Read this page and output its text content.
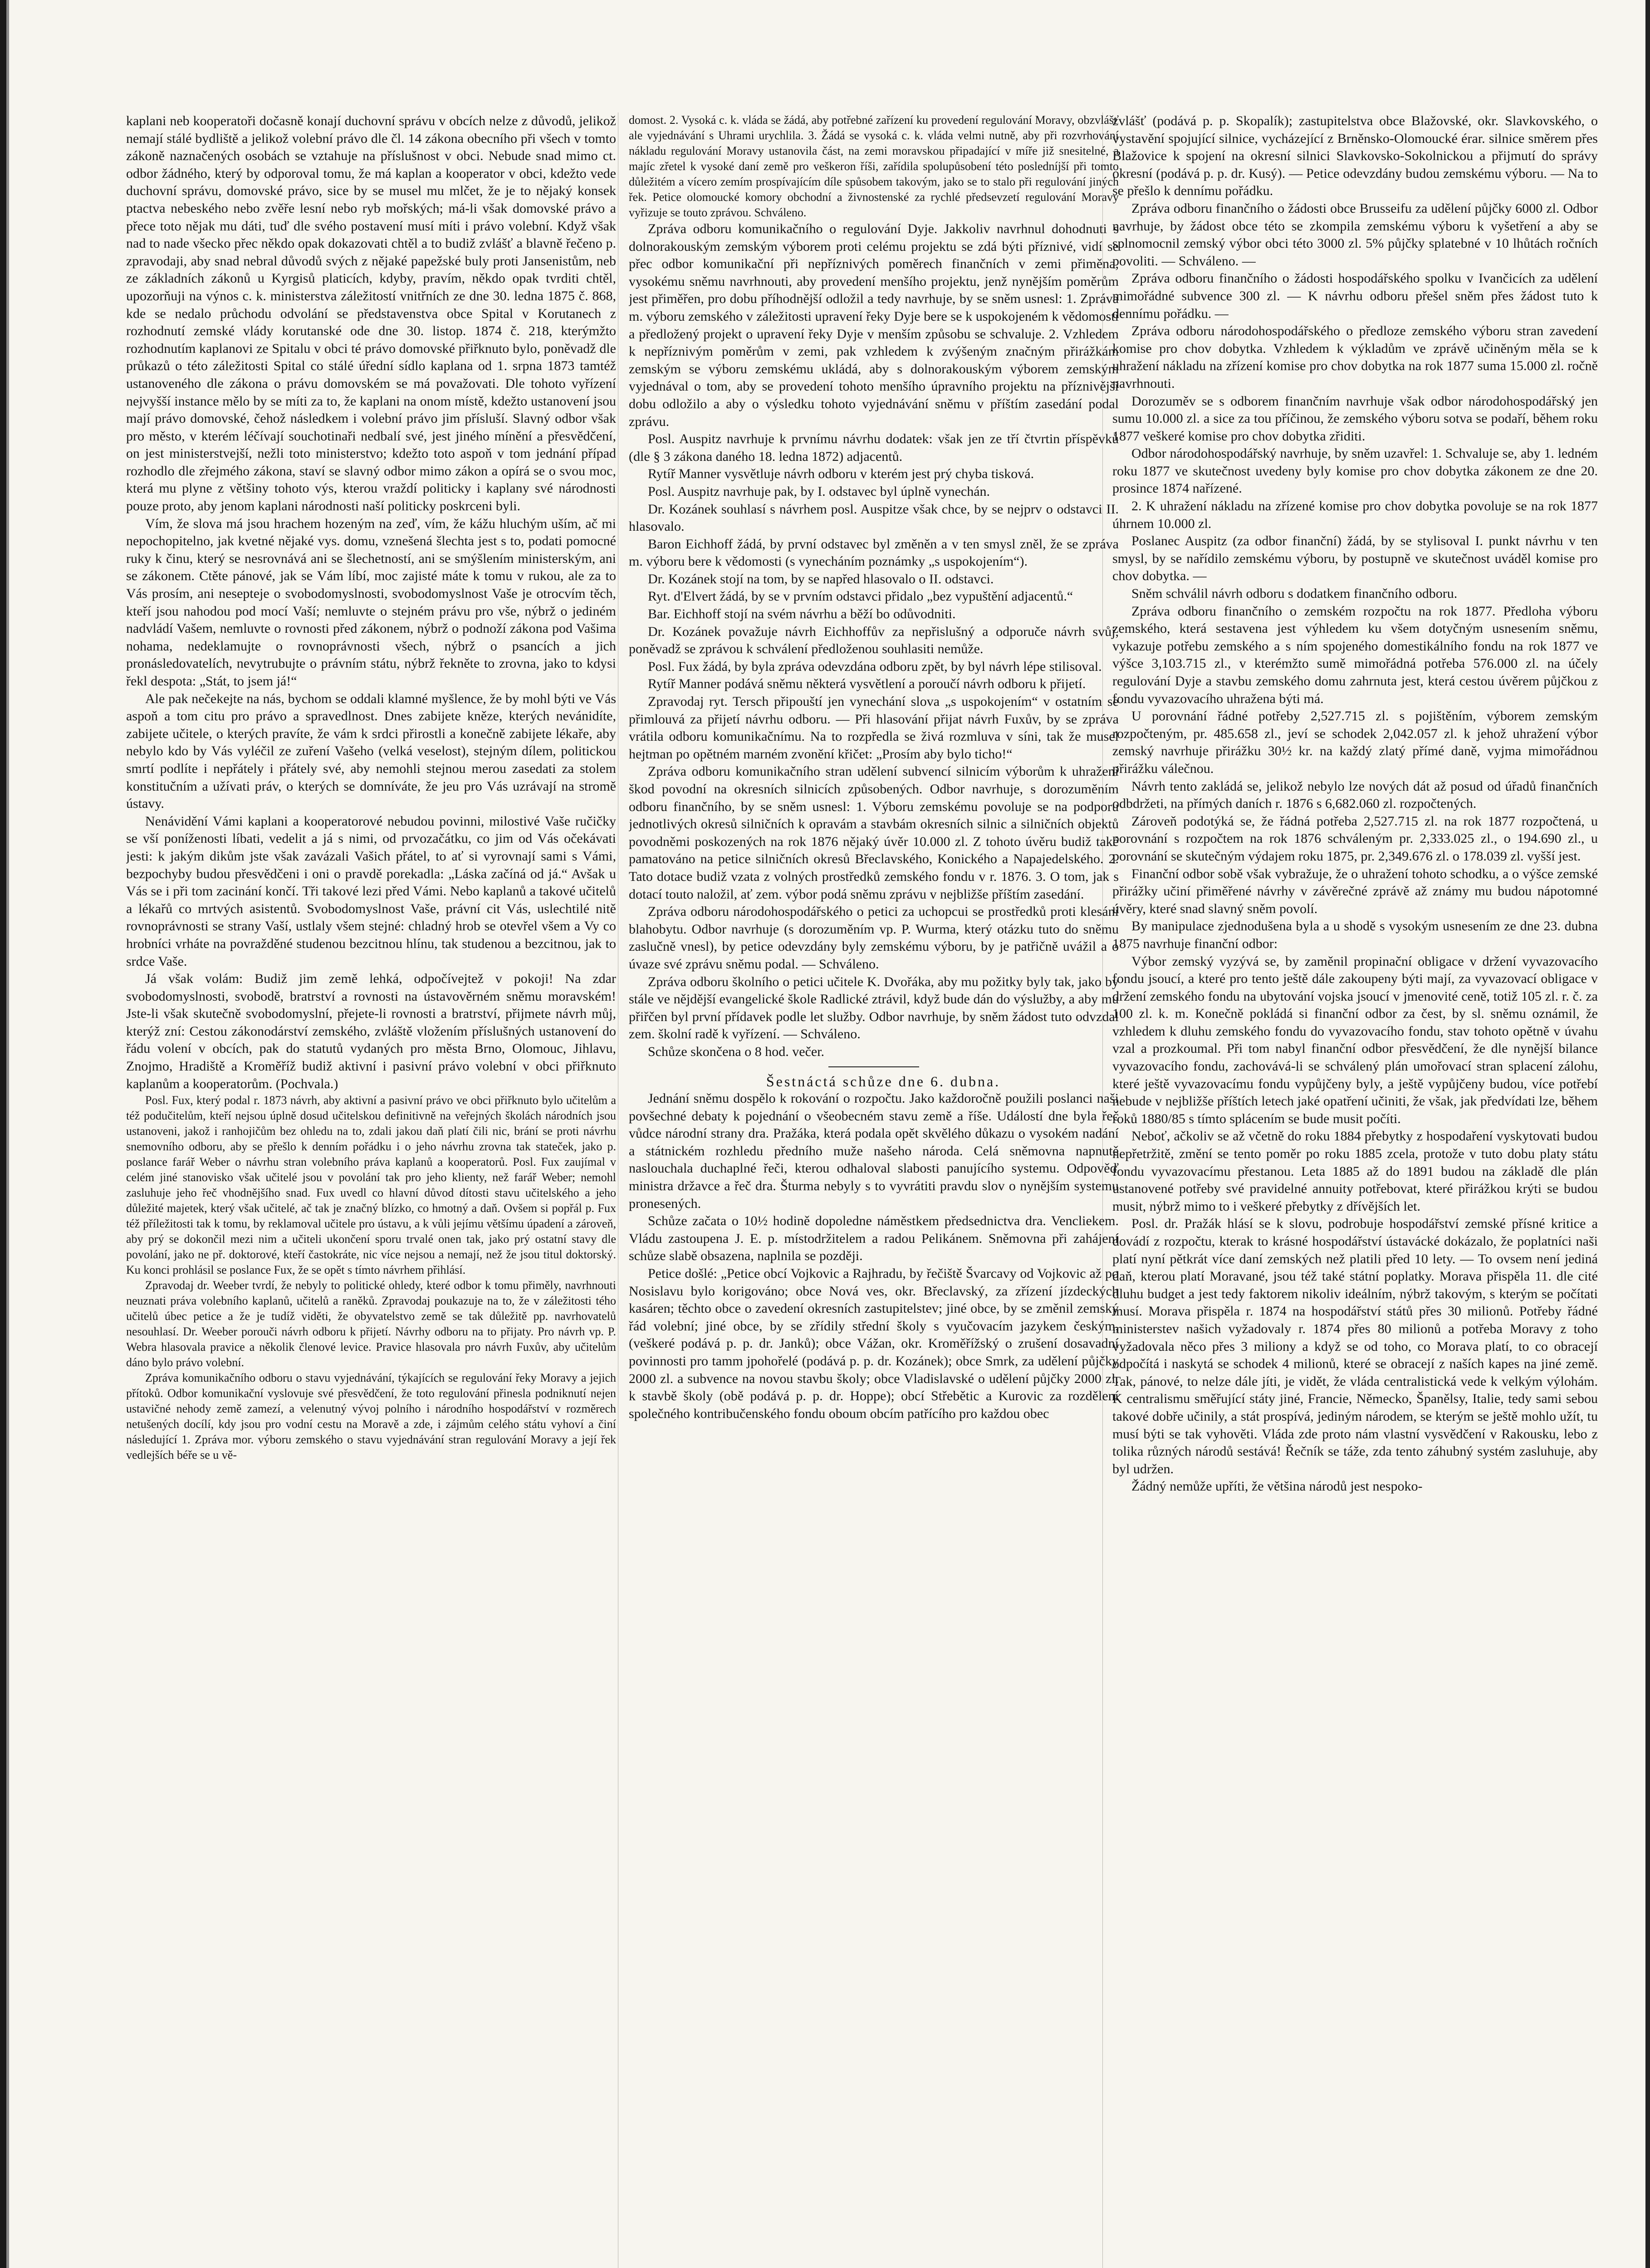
kaplani neb kooperatoři dočasně konají duchovní správu v obcích nelze z důvodů, jelikož nemají stálé bydliště a jelikož volební právo dle čl. 14 zákona obecního při všech v tomto zákoně naznačených osobách se vztahuje na příslušnost v obci. Nebude snad mimo ct. odbor žádného, který by odporoval tomu, že má kaplan a kooperator v obci, kdežto vede duchovní správu, domovské právo, sice by se musel mu mlčet, že je to nějaký konsek ptactva nebeského nebo zvěře lesní nebo ryb mořských; má-li však domovské právo a přece toto nějak mu dáti, tuď dle svého postavení musí míti i právo volební. Když však nad to nade všecko přec někdo opak dokazovati chtěl a to budiž zvlášť a blavně řečeno p. zpravodaji, aby snad nebral důvodů svých z nějaké papežské buly proti Jansenistům, neb ze základních zákonů u Kyrgisů platicích, kdyby, pravím, někdo opak tvrditi chtěl, upozorňuji na výnos c. k. ministerstva záležitostí vnitřních ze dne 30. ledna 1875 č. 868, kde se nedalo průchodu odvolání se představenstva obce Spital v Korutanech z rozhodnutí zemské vlády korutanské ode dne 30. listop. 1874 č. 218, kterýmžto rozhodnutím kaplanovi ze Spitalu v obci té právo domovské přiřknuto bylo, poněvadž dle průkazů o této záležitosti Spital co stálé úřední sídlo kaplana od 1. srpna 1873 tamtéž ustanoveného dle zákona o právu domovském se má považovati. Dle tohoto vyřízení nejvyšší instance mělo by se míti za to, že kaplani na onom místě, kdežto ustanovení jsou mají právo domovské, čehož následkem i volební právo jim přísluší. Slavný odbor však pro město, v kterém léčívají souchotinaři nedbalí své, jest jiného mínění a přesvědčení, on jest ministerstvejší, nežli toto ministerstvo; kdežto toto aspoň v tom jednání případ rozhodlo dle zřejmého zákona, staví se slavný odbor mimo zákon a opírá se o svou moc, která mu plyne z většiny tohoto výs, kterou vraždí politicky i kaplany své národnosti pouze proto, aby jenom kaplani národnosti naší politicky poskrceni byli.

Vím, že slova má jsou hrachem hozeným na zeď, vím, že kážu hluchým uším, ač mi nepochopitelno, jak kvetné nějaké vys. domu, vznešená šlechta jest s to, podati pomocné ruky k činu, který se nesrovnává ani se šlechetností, ani se smýšlením ministerským, ani se zákonem. Ctěte pánové, jak se Vám líbí, moc zajisté máte k tomu v rukou, ale za to Vás prosím, ani nesepteje o svobodomyslnosti, svobodomyslnost Vaše je otrocvím těch, kteří jsou nahodou pod mocí Vaší; nemluvte o stejném právu pro vše, nýbrž o jediném nadvládí Vašem, nemluvte o rovnosti před zákonem, nýbrž o podnoží zákona pod Vašima nohama, nedeklamujte o rovnoprávnosti všech, nýbrž o psancích a jich pronásledovatelích, nevytrubujte o právním státu, nýbrž řekněte to zrovna, jako to kdysi řekl despota: „Stát, to jsem já!“

Ale pak nečekejte na nás, bychom se oddali klamné myšlence, že by mohl býti ve Vás aspoň a tom citu pro právo a spravedlnost. Dnes zabijete kněze, kterých nevánidíte, zabijete učitele, o kterých pravíte, že vám k srdci přirostli a konečně zabijete lékaře, aby nebylo kdo by Vás vyléčil ze zuření Vašeho (velká veselost), stejným dílem, politickou smrtí podlíte i nepřátely i přátely své, aby nemohli stejnou merou zasedati za stolem konstitučním a užívati práv, o kterých se domníváte, že jeu pro Vás uzrávají na stromě ústavy.

Nenávidění Vámi kaplani a kooperatorové nebudou povinni, milostivé Vaše ručičky se vší poníženosti líbati, vedelit a já s nimi, od prvozačátku, co jim od Vás očekávati jesti: k jakým dikům jste však zavázali Vašich přátel, to ať si vyrovnají sami s Vámi, bezpochyby budou přesvědčeni i oni o pravdě porekadla: „Láska začíná od já.“ Avšak u Vás se i při tom zacinání končí. Tři takové lezi před Vámi. Nebo kaplanů a takové učitelů a lékařů co mrtvých asistentů. Svobodomyslnost Vaše, právní cit Vás, uslechtilé nitě rovnoprávnosti se strany Vaší, ustlaly všem stejné: chladný hrob se otevřel všem a Vy co hrobníci vrháte na povražděné studenou bezcitnou hlínu, tak studenou a bezcitnou, jak to srdce Vaše.

Já však volám: Budiž jim země lehká, odpočívejtež v pokoji! Na zdar svobodomyslnosti, svobodě, bratrství a rovnosti na ústavověrném sněmu moravském! Jste-li však skutečně svobodomyslní, přejete-li rovnosti a bratrství, přijmete návrh můj, kterýž zní: Cestou zákonodárství zemského, zvláště vložením příslušných ustanovení do řádu volení v obcích, pak do statutů vydaných pro města Brno, Olomouc, Jihlavu, Znojmo, Hradiště a Kroměříž budiž aktivní i pasivní právo volební v obci přiřknuto kaplanům a kooperatorům. (Pochvala.)

Posl. Fux, který podal r. 1873 návrh, aby aktivní a pasivní právo ve obci přiřknuto bylo učitelům a též podučitelům, kteří nejsou úplně dosud učitelskou definitivně na veřejných školách národních jsou ustanoveni, jakož i ranhojičům bez ohledu na to, zdali jakou daň platí čili nic, brání se proti návrhu snemovního odboru, aby se přešlo k denním pořádku i o jeho návrhu zrovna tak stateček, jako p. poslance farář Weber o návrhu stran volebního práva kaplanů a kooperatorů. Posl. Fux zaujímal v celém jiné stanovisko však učitelé jsou v povolání tak pro jeho klienty, než farář Weber; nemohl zasluhuje jeho řeč vhodnějšího snad. Fux uvedl co hlavní důvod dítosti stavu učitelského a jeho důležité majetek, který však učitelé, ač tak je značný blízko, co hmotný a daň. Ovšem si popřál p. Fux též příležitosti tak k tomu, by reklamoval učitele pro ústavu, a k vůli jejímu většímu úpadení a zároveň, aby prý se dokončil mezi nim a učiteli ukončení sporu trvalé onen tak, jako prý ostatní stavy dle povolání, jako ne př. doktorové, kteří častokráte, nic více nejsou a nemají, než že jsou titul doktorský. Ku konci prohlásil se poslance Fux, že se opět s tímto návrhem přihlásí.

Zpravodaj dr. Weeber tvrdí, že nebyly to politické ohledy, které odbor k tomu přiměly, navrhnouti neuznati práva volebního kaplanů, učitelů a raněků. Zpravodaj poukazuje na to, že v záležitosti tého učitelů úbec petice a že je tudíž viděti, že obyvatelstvo země se tak důležitě pp. navrhovatelů nesouhlasí. Dr. Weeber porouči návrh odboru k přijetí. Návrhy odboru na to přijaty. Pro návrh vp. P. Webra hlasovala pravice a několik členové levice. Pravice hlasovala pro návrh Fuxův, aby učitelům dáno bylo právo volební.

Zpráva komunikačního odboru o stavu vyjednávání, týkajících se regulování řeky Moravy a jejich přítoků. Odbor komunikační vyslovuje své přesvědčení, že toto regulování přinesla podniknutí nejen ustavičné nehody země zamezí, a velenutný vývoj polního i národního hospodářství v rozměrech netušených docílí, kdy jsou pro vodní cestu na Moravě a zde, i zájmům celého státu vyhoví a činí následující 1. Zpráva mor. výboru zemského o stavu vyjednávání stran regulování Moravy a její řek vedlejších béře se u vě-

domost. 2. Vysoká c. k. vláda se žádá, aby potřebné zařízení ku provedení regulování Moravy, obzvlášť ale vyjednávání s Uhrami urychlila. 3. Žádá se vysoká c. k. vláda velmi nutně, aby při rozvrhování nákladu regulování Moravy ustanovila část, na zemi moravskou připadající v míře již snesitelné, a majíc zřetel k vysoké daní země pro veškeron říši, zařídila spolupůsobení této posledníjší při tomto důležitém a vícero zemím prospívajícím díle spůsobem takovým, jako se to stalo při regulování jiných řek. Petice olomoucké komory obchodní a živnostenské za rychlé předsevzetí regulování Moravy vyřizuje se touto zprávou. Schváleno.

Zpráva odboru komunikačního o regulování Dyje. Jakkoliv navrhnul dohodnuti s dolnorakouským zemským výborem proti celému projektu se zdá býti příznivé, vidí se přec odbor komunikační při nepříznivých poměrech finančních v zemi přiměna, vysokému sněmu navrhnouti, aby provedení menšího projektu, jenž nynějším poměrům jest přiměřen, pro dobu příhodnější odložil a tedy navrhuje, by se sněm usnesl: 1. Zpráva m. výboru zemského v záležitosti upravení řeky Dyje bere se k uspokojeném k vědomosti a předložený projekt o upravení řeky Dyje v menším způsobu se schvaluje. 2. Vzhledem k nepříznivým poměrům v zemi, pak vzhledem k zvýšeným značným přirážkám zemským se výboru zemskému ukládá, aby s dolnorakouským výborem zemským vyjednával o tom, aby se provedení tohoto menšího úpravního projektu na příznivější dobu odložilo a aby o výsledku tohoto vyjednávání sněmu v příštím zasedání podal zprávu.

Posl. Auspitz navrhuje k prvnímu návrhu dodatek: však jen ze tří čtvrtin příspěvků (dle § 3 zákona daného 18. ledna 1872) adjacentů.

Rytíř Manner vysvětluje návrh odboru v kterém jest prý chyba tisková.

Posl. Auspitz navrhuje pak, by I. odstavec byl úplně vynechán.

Dr. Kozánek souhlasí s návrhem posl. Auspitze však chce, by se nejprv o odstavci II. hlasovalo.

Baron Eichhoff žádá, by první odstavec byl změněn a v ten smysl zněl, že se zpráva m. výboru bere k vědomosti (s vynecháním poznámky „s uspokojením“).

Dr. Kozánek stojí na tom, by se napřed hlasovalo o II. odstavci.

Ryt. d'Elvert žádá, by se v prvním odstavci přidalo „bez vypuštění adjacentů.“

Bar. Eichhoff stojí na svém návrhu a běží bo odůvodniti.

Dr. Kozánek považuje návrh Eichhoffův za nepřislušný a odporuče návrh svůj, poněvadž se zprávou k schválení předloženou souhlasiti nemůže.

Posl. Fux žádá, by byla zpráva odevzdána odboru zpět, by byl návrh lépe stilisoval.

Rytíř Manner podává sněmu některá vysvětlení a poroučí návrh odboru k přijetí.

Zpravodaj ryt. Tersch připouští jen vynechání slova „s uspokojením“ v ostatním se přimlouvá za přijetí návrhu odboru. — Při hlasování přijat návrh Fuxův, by se zpráva vrátila odboru komunikačnímu. Na to rozpředla se živá rozmluva v síni, tak že musel hejtman po opětném marném zvonění křičet: „Prosím aby bylo ticho!“

Zpráva odboru komunikačního stran udělení subvencí silnicím výborům k uhražení škod povodní na okresních silnicích způsobených. Odbor navrhuje, s dorozuměním odboru finančního, by se sněm usnesl: 1. Výboru zemskému povoluje se na podporu jednotlivých okresů silničních k opravám a stavbám okresních silnic a silničních objektů povodněmi poskozených na rok 1876 nějaký úvěr 10.000 zl. Z tohoto úvěru budiž také pamatováno na petice silničních okresů Břeclavského, Konického a Napajedelského. 2. Tato dotace budiž vzata z volných prostředků zemského fondu v r. 1876. 3. O tom, jak s dotací touto naložil, ať zem. výbor podá sněmu zprávu v nejbližše příštím zasedání.

Zpráva odboru národohospodářského o petici za uchopcui se prostředků proti klesání blahobytu. Odbor navrhuje (s dorozuměním vp. P. Wurma, který otázku tuto do sněmu zaslučně vnesl), by petice odevzdány byly zemskému výboru, by je patřičně uvážil a o úvaze své zprávu sněmu podal. — Schváleno.

Zpráva odboru školního o petici učitele K. Dvořáka, aby mu požitky byly tak, jako by stále ve nějdější evangelické škole Radlické ztrávil, když bude dán do výslužby, a aby mu přiřčen byl první přídavek podle let služby. Odbor navrhuje, by sněm žádost tuto odvzdal zem. školní radě k vyřízení. — Schváleno.

Schůze skončena o 8 hod. večer.

Šestnáctá schůze dne 6. dubna.

Jednání sněmu dospělo k rokování o rozpočtu. Jako každoročně použili poslanci naši povšechné debaty k pojednání o všeobecném stavu země a říše. Událostí dne byla řeč vůdce národní strany dra. Pražáka, která podala opět skvělého důkazu o vysokém nadání a státnickém rozhledu předního muže našeho národa. Celá sněmovna napnutě naslouchala duchaplné řeči, kterou odhaloval slabosti panujícího systemu. Odpověď ministra državce a řeč dra. Šturma nebyly s to vyvrátiti pravdu slov o nynějším systemu pronesených.

Schůze začata o 10½ hodině dopoledne náměstkem předsednictva dra. Vencliekem. Vládu zastoupena J. E. p. místodržitelem a radou Pelikánem. Sněmovna při zahájení schůze slabě obsazena, naplnila se později.

Petice došlé: „Petice obcí Vojkovic a Rajhradu, by řečiště Švarcavy od Vojkovic až po Nosislavu bylo korigováno; obce Nová ves, okr. Břeclavský, za zřízení jízdeckých kasáren; těchto obce o zavedení okresních zastupitelstev; jiné obce, by se změnil zemský řád volební; jiné obce, by se zřídily střední školy s vyučovacím jazykem českým, (veškeré podává p. p. dr. Janků); obce Vážan, okr. Kroměřížský o zrušení dosavadní povinnosti pro tamm jpohořelé (podává p. p. dr. Kozánek); obce Smrk, za udělení půjčky 2000 zl. a subvence na novou stavbu školy; obce Vladislavské o udělení půjčky 2000 zl. k stavbě školy (obě podává p. p. dr. Hoppe); obcí Střebětic a Kurovic za rozdělení společného kontribučenského fondu oboum obcím patřícího pro každou obec

zvlášť (podává p. p. Skopalík); zastupitelstva obce Blažovské, okr. Slavkovského, o vystavění spojující silnice, vycházející z Brněnsko-Olomoucké érar. silnice směrem přes Blažovice k spojení na okresní silnici Slavkovsko-Sokolnickou a přijmutí do správy okresní (podává p. p. dr. Kusý). — Petice odevzdány budou zemskému výboru. — Na to se přešlo k dennímu pořádku.

Zpráva odboru finančního o žádosti obce Brusseifu za udělení půjčky 6000 zl. Odbor navrhuje, by žádost obce této se zkompila zemskému výboru k vyšetření a aby se splnomocnil zemský výbor obci této 3000 zl. 5% půjčky splatebné v 10 lhůtách ročních povoliti. — Schváleno. —

Zpráva odboru finančního o žádosti hospodářského spolku v Ivančicích za udělení mimořádné subvence 300 zl. — K návrhu odboru přešel sněm přes žádost tuto k dennímu pořádku. —

Zpráva odboru národohospodářského o předloze zemského výboru stran zavedení komise pro chov dobytka. Vzhledem k výkladům ve zprávě učiněným měla se k uhražení nákladu na zřízení komise pro chov dobytka na rok 1877 suma 15.000 zl. ročně navrhnouti.

Dorozuměv se s odborem finančním navrhuje však odbor národohospodářský jen sumu 10.000 zl. a sice za tou příčinou, že zemského výboru sotva se podaří, během roku 1877 veškeré komise pro chov dobytka zřiditi.

Odbor národohospodářský navrhuje, by sněm uzavřel: 1. Schvaluje se, aby 1. ledném roku 1877 ve skutečnost uvedeny byly komise pro chov dobytka zákonem ze dne 20. prosince 1874 nařízené.

2. K uhražení nákladu na zřízené komise pro chov dobytka povoluje se na rok 1877 úhrnem 10.000 zl.

Poslanec Auspitz (za odbor finanční) žádá, by se stylisoval I. punkt návrhu v ten smysl, by se nařídilo zemskému výboru, by postupně ve skutečnost uváděl komise pro chov dobytka. —

Sněm schválil návrh odboru s dodatkem finančního odboru.

Zpráva odboru finančního o zemském rozpočtu na rok 1877. Předloha výboru zemského, která sestavena jest výhledem ku všem dotyčným usnesením sněmu, vykazuje potřebu zemského a s ním spojeného domestikálního fondu na rok 1877 ve výšce 3,103.715 zl., v kterémžto sumě mimořádná potřeba 576.000 zl. na účely regulování Dyje a stavbu zemského domu zahrnuta jest, která cestou úvěrem půjčkou z fondu vyvazovacího uhražena býti má.

U porovnání řádné potřeby 2,527.715 zl. s pojištěním, výborem zemským rozpočteným, pr. 485.658 zl., jeví se schodek 2,042.057 zl. k jehož uhražení výbor zemský navrhuje přirážku 30½ kr. na každý zlatý přímé daně, vyjma mimořádnou přirážku válečnou.

Návrh tento zakládá se, jelikož nebylo lze nových dát až posud od úřadů finančních odbdržeti, na přímých daních r. 1876 s 6,682.060 zl. rozpočtených.

Zároveň podotýká se, že řádná potřeba 2,527.715 zl. na rok 1877 rozpočtená, u porovnání s rozpočtem na rok 1876 schváleným pr. 2,333.025 zl., o 194.690 zl., u porovnání se skutečným výdajem roku 1875, pr. 2,349.676 zl. o 178.039 zl. vyšší jest.

Finanční odbor sobě však vybražuje, že o uhražení tohoto schodku, a o výšce zemské přirážky učiní přiměřené návrhy v závěrečné zprávě až známy mu budou nápotomné úvěry, které snad slavný sněm povolí.

By manipulace zjednodušena byla a u shodě s vysokým usnesením ze dne 23. dubna 1875 navrhuje finanční odbor:

Výbor zemský vyzývá se, by zaměnil propinační obligace v držení vyvazovacího fondu jsoucí, a které pro tento ještě dále zakoupeny býti mají, za vyvazovací obligace v držení zemského fondu na ubytování vojska jsoucí v jmenovité ceně, totiž 105 zl. r. č. za 100 zl. k. m. Konečně pokládá si finanční odbor za čest, by sl. sněmu oznámil, že vzhledem k dluhu zemského fondu do vyvazovacího fondu, stav tohoto opětně v úvahu vzal a prozkoumal. Při tom nabyl finanční odbor přesvědčení, že dle nynější bilance vyvazovacího fondu, zachovává-li se schválený plán umořovací stran splacení zálohu, které ještě vyvazovacímu fondu vypůjčeny byly, a ještě vypůjčeny budou, více potřebí nebude v nejbližše příštích letech jaké opatření učiniti, že však, jak předvídati lze, během roků 1880/85 s tímto splácením se bude musit počíti.

Neboť, ačkoliv se až včetně do roku 1884 přebytky z hospodaření vyskytovati budou nepřetržitě, změní se tento poměr po roku 1885 zcela, protože v tuto dobu platy státu fondu vyvazovacímu přestanou. Leta 1885 až do 1891 budou na základě dle plán ustanovené potřeby své pravidelné annuity potřebovat, které přirážkou krýti se budou musit, nýbrž mimo to i veškeré přebytky z dřívějších let.

Posl. dr. Pražák hlásí se k slovu, podrobuje hospodářství zemské přísné kritice a dovádí z rozpočtu, kterak to krásné hospodářství ústavácké dokázalo, že poplatníci naši platí nyní pětkrát více daní zemských než platili před 10 lety. — To ovsem není jediná daň, kterou platí Moravané, jsou též také státní poplatky. Morava přispěla 11. dle cité dluhu budget a jest tedy faktorem nikoliv ideálním, nýbrž takovým, s kterým se počítati musí. Morava přispěla r. 1874 na hospodářství států přes 30 milionů. Potřeby řádné ministerstev našich vyžadovaly r. 1874 přes 80 milionů a potřeba Moravy z toho vyžadovala něco přes 3 miliony a když se od toho, co Morava platí, to co obracejí odpočítá i naskytá se schodek 4 milionů, které se obracejí z naších kapes na jiné země. Tak, pánové, to nelze dále jíti, je vidět, že vláda centralistická vede k velkým výlohám. K centralismu směřující státy jiné, Francie, Německo, Španělsy, Italie, tedy sami sebou takové dobře učinily, a stát prospívá, jediným národem, se kterým se ještě mohlo užít, tu musí býti se tak vyhověti. Vláda zde proto nám vlastní vysvědčení v Rakousku, lebo z tolika různých národů sestává! Řečník se táže, zda tento záhubný systém zasluhuje, aby byl udržen.

Žádný nemůže upříti, že většina národů jest nespoko-
